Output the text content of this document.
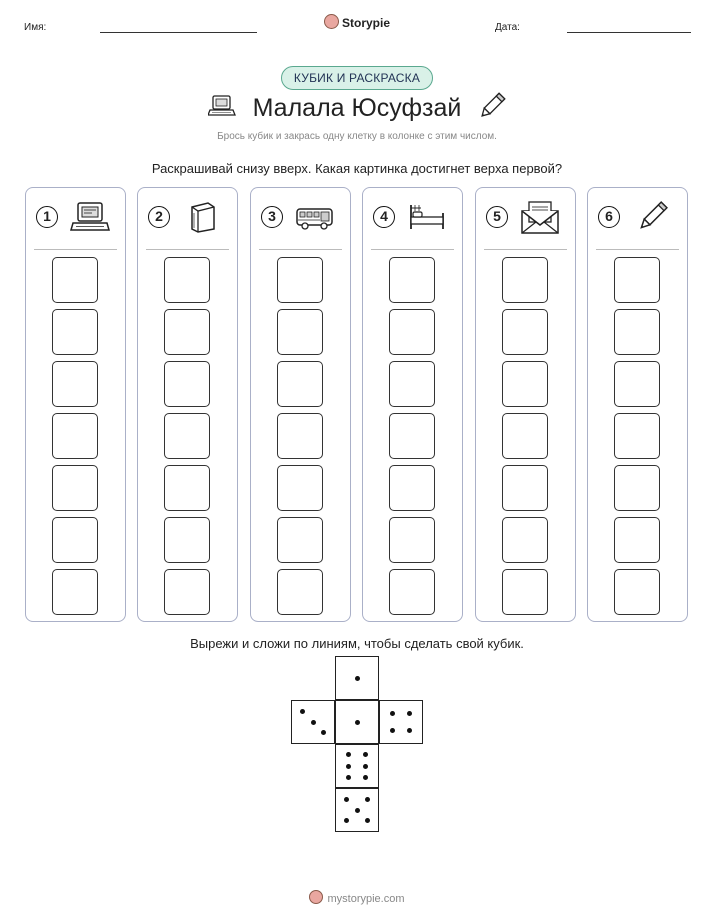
Имя:	Storypie	Дата:
КУБИК И РАСКРАСКА
Малала Юсуфзай
Брось кубик и закрась одну клетку в колонке с этим числом.
Раскрашивай снизу вверх. Какая картинка достигнет верха первой?
1	2	3	4	5	6
Вырежи и сложи по линиям, чтобы сделать свой кубик.
mystorypie.com
